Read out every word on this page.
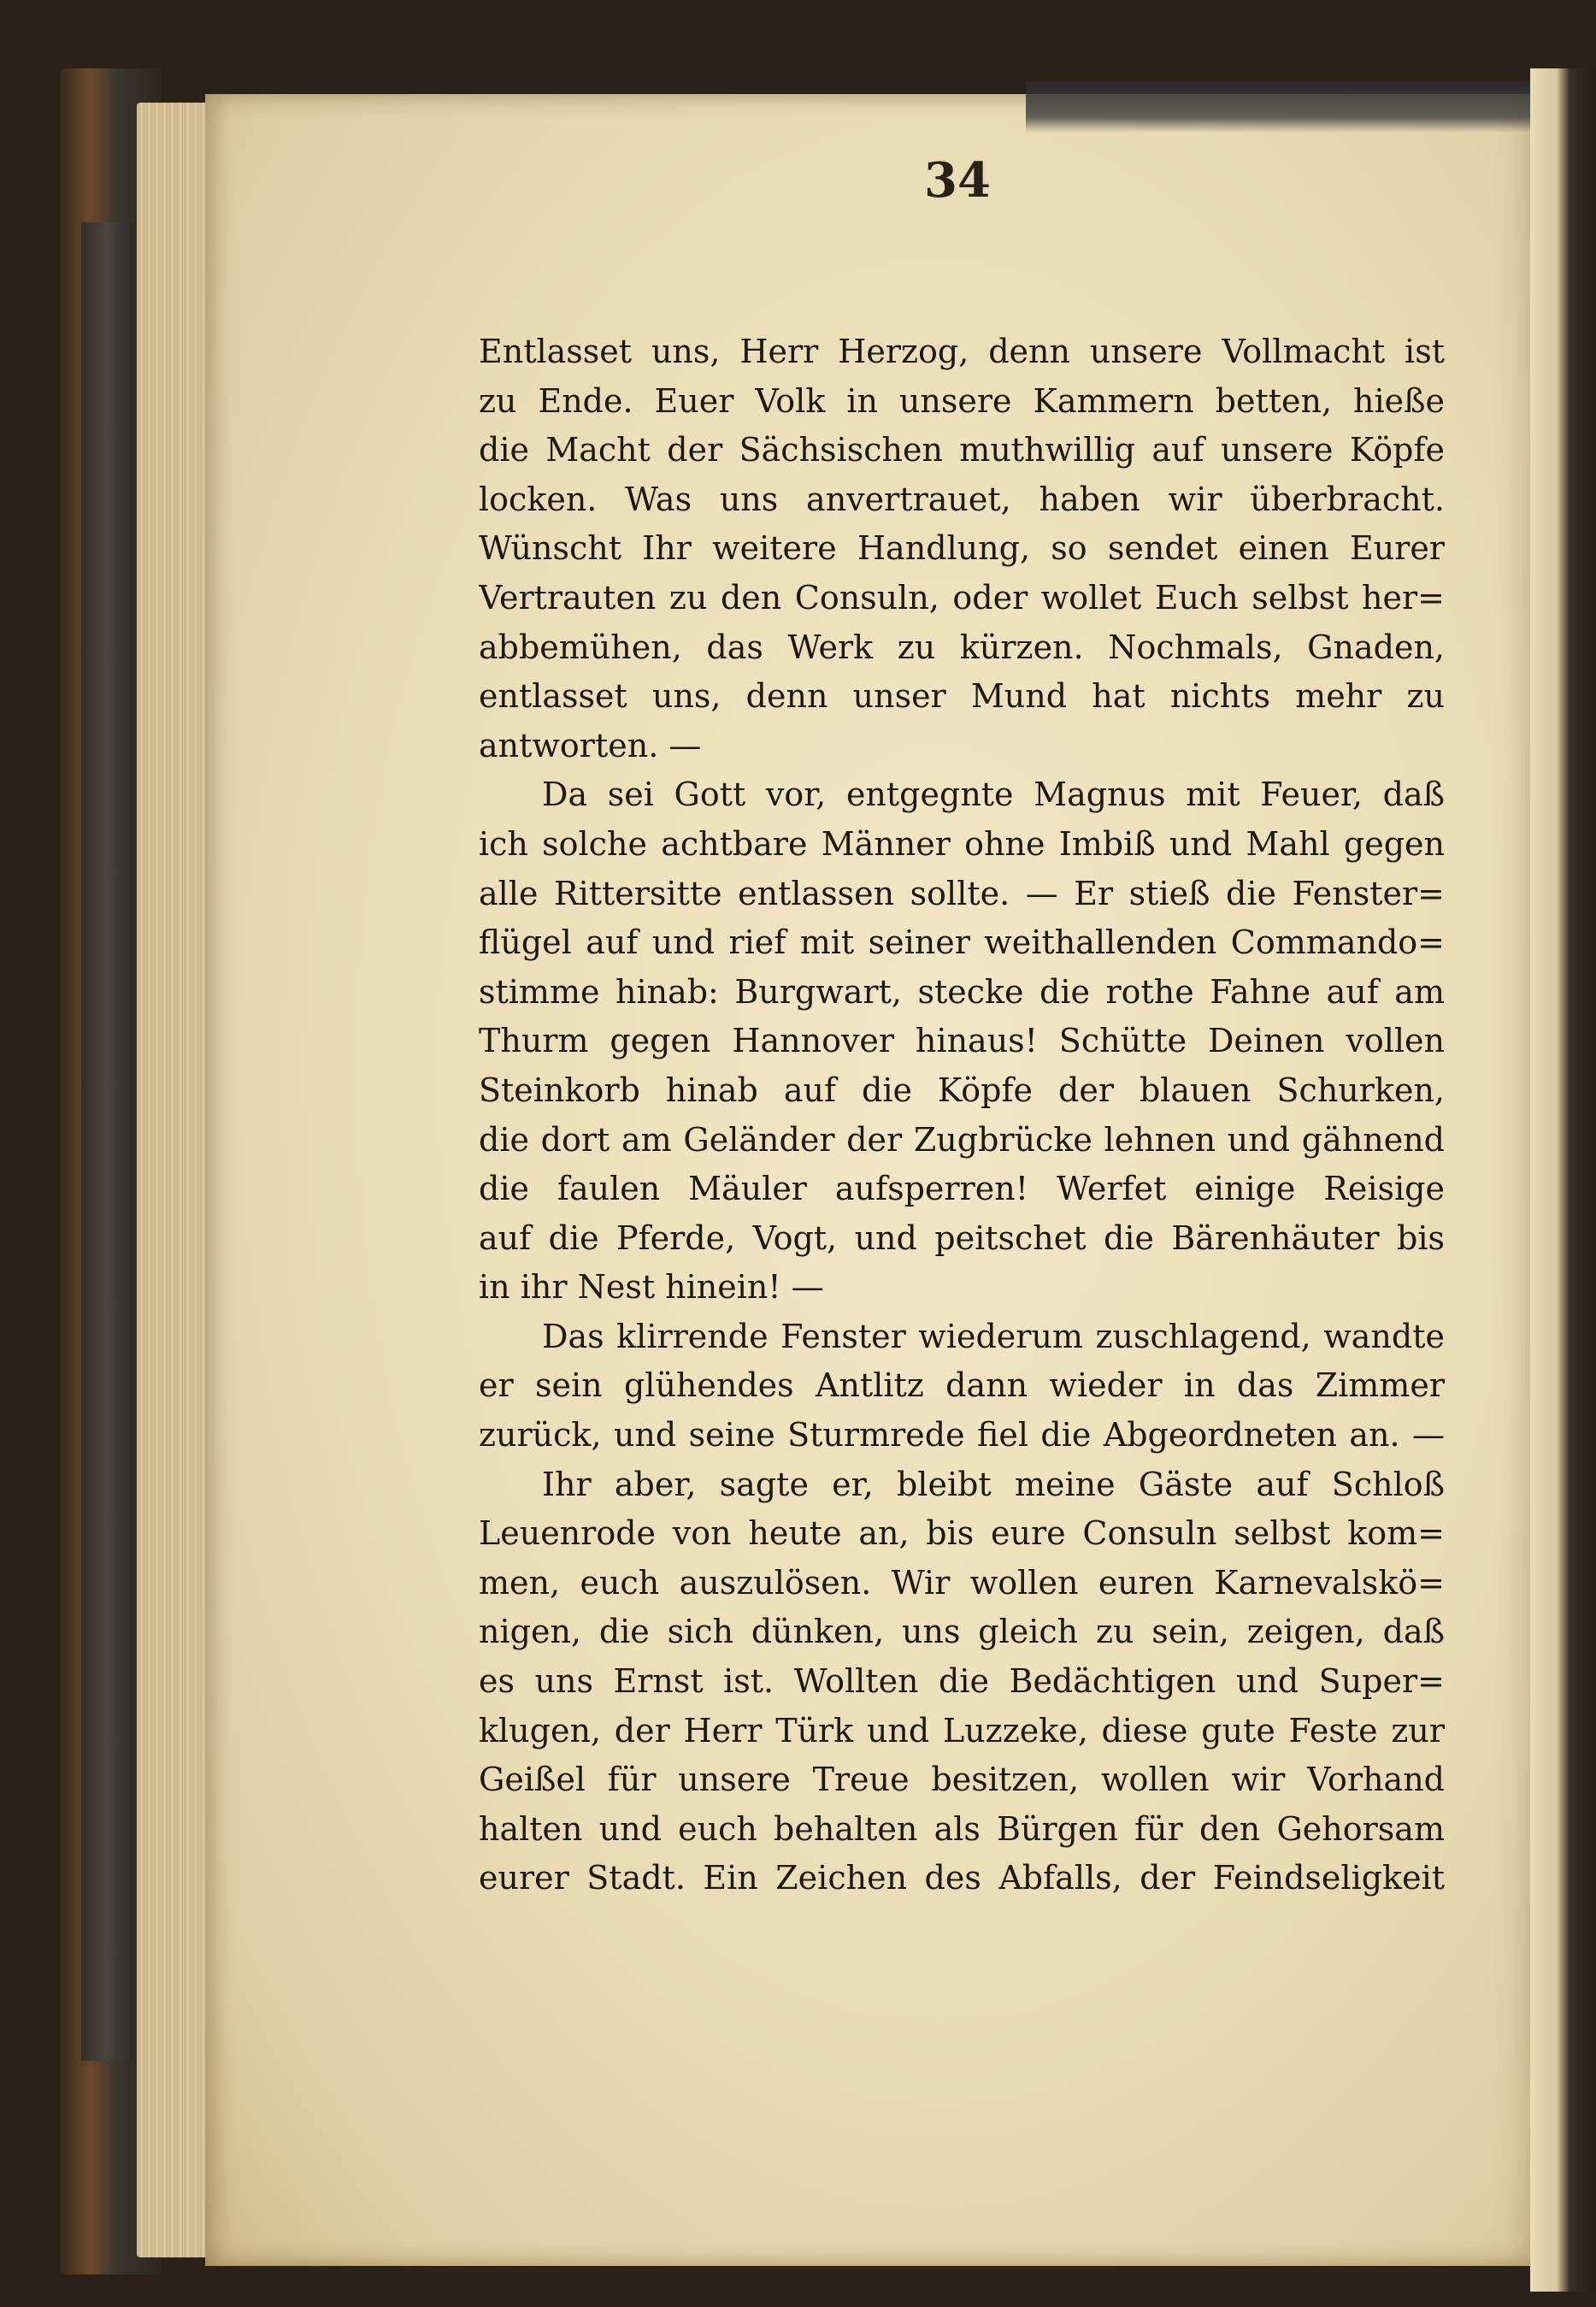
34
Entlasset uns, Herr Herzog, denn unsere Vollmacht ist
zu Ende. Euer Volk in unsere Kammern betten, hieße
die Macht der Sächsischen muthwillig auf unsere Köpfe
locken. Was uns anvertrauet, haben wir überbracht.
Wünscht Ihr weitere Handlung, so sendet einen Eurer
Vertrauten zu den Consuln, oder wollet Euch selbst her=
abbemühen, das Werk zu kürzen. Nochmals, Gnaden,
entlasset uns, denn unser Mund hat nichts mehr zu
antworten. —
Da sei Gott vor, entgegnte Magnus mit Feuer, daß
ich solche achtbare Männer ohne Imbiß und Mahl gegen
alle Rittersitte entlassen sollte. — Er stieß die Fenster=
flügel auf und rief mit seiner weithallenden Commando=
stimme hinab: Burgwart, stecke die rothe Fahne auf am
Thurm gegen Hannover hinaus! Schütte Deinen vollen
Steinkorb hinab auf die Köpfe der blauen Schurken,
die dort am Geländer der Zugbrücke lehnen und gähnend
die faulen Mäuler aufsperren! Werfet einige Reisige
auf die Pferde, Vogt, und peitschet die Bärenhäuter bis
in ihr Nest hinein! —
Das klirrende Fenster wiederum zuschlagend, wandte
er sein glühendes Antlitz dann wieder in das Zimmer
zurück, und seine Sturmrede fiel die Abgeordneten an. —
Ihr aber, sagte er, bleibt meine Gäste auf Schloß
Leuenrode von heute an, bis eure Consuln selbst kom=
men, euch auszulösen. Wir wollen euren Karnevalskö=
nigen, die sich dünken, uns gleich zu sein, zeigen, daß
es uns Ernst ist. Wollten die Bedächtigen und Super=
klugen, der Herr Türk und Luzzeke, diese gute Feste zur
Geißel für unsere Treue besitzen, wollen wir Vorhand
halten und euch behalten als Bürgen für den Gehorsam
eurer Stadt. Ein Zeichen des Abfalls, der Feindseligkeit
